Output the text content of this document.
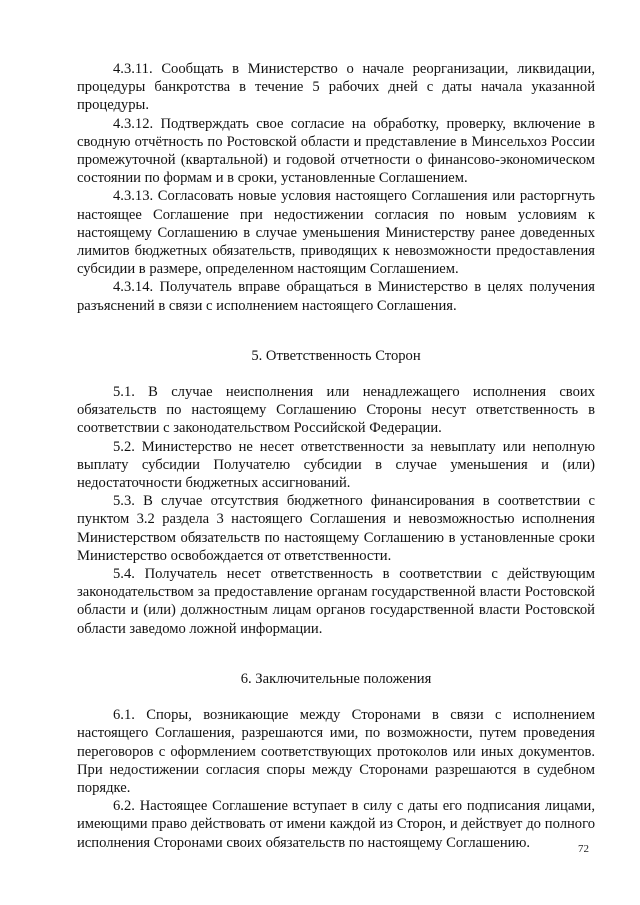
4.3.11. Сообщать в Министерство о начале реорганизации, ликвидации, процедуры банкротства в течение 5 рабочих дней с даты начала указанной процедуры.

4.3.12. Подтверждать свое согласие на обработку, проверку, включение в сводную отчётность по Ростовской области и представление в Минсельхоз России промежуточной (квартальной) и годовой отчетности о финансово-экономическом состоянии по формам и в сроки, установленные Соглашением.

4.3.13. Согласовать новые условия настоящего Соглашения или расторгнуть настоящее Соглашение при недостижении согласия по новым условиям к настоящему Соглашению в случае уменьшения Министерству ранее доведенных лимитов бюджетных обязательств, приводящих к невозможности предоставления субсидии в размере, определенном настоящим Соглашением.

4.3.14. Получатель вправе обращаться в Министерство в целях получения разъяснений в связи с исполнением настоящего Соглашения.

5. Ответственность Сторон

5.1. В случае неисполнения или ненадлежащего исполнения своих обязательств по настоящему Соглашению Стороны несут ответственность в соответствии с законодательством Российской Федерации.

5.2. Министерство не несет ответственности за невыплату или неполную выплату субсидии Получателю субсидии в случае уменьшения и (или) недостаточности бюджетных ассигнований.

5.3. В случае отсутствия бюджетного финансирования в соответствии с пунктом 3.2 раздела 3 настоящего Соглашения и невозможностью исполнения Министерством обязательств по настоящему Соглашению в установленные сроки Министерство освобождается от ответственности.

5.4. Получатель несет ответственность в соответствии с действующим законодательством за предоставление органам государственной власти Ростовской области и (или) должностным лицам органов государственной власти Ростовской области заведомо ложной информации.

6. Заключительные положения

6.1. Споры, возникающие между Сторонами в связи с исполнением настоящего Соглашения, разрешаются ими, по возможности, путем проведения переговоров с оформлением соответствующих протоколов или иных документов. При недостижении согласия споры между Сторонами разрешаются в судебном порядке.

6.2. Настоящее Соглашение вступает в силу с даты его подписания лицами, имеющими право действовать от имени каждой из Сторон, и действует до полного исполнения Сторонами своих обязательств по настоящему Соглашению.	72
